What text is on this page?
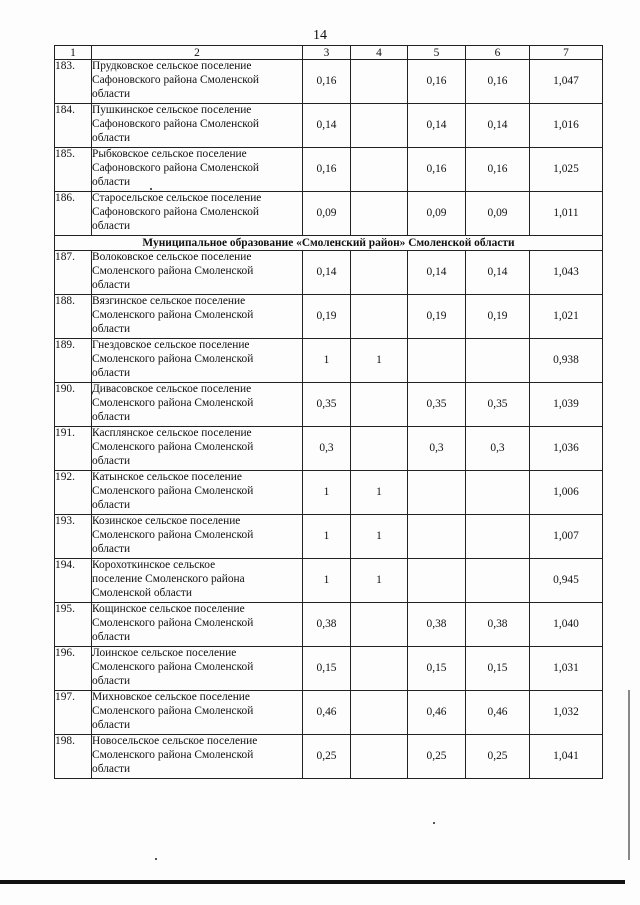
14
1	2	3	4	5	6	7
183.	Прудковское сельское поселение
Сафоновского района Смоленской
области	0,16		0,16	0,16	1,047
184.	Пушкинское сельское поселение
Сафоновского района Смоленской
области	0,14		0,14	0,14	1,016
185.	Рыбковское сельское поселение
Сафоновского района Смоленской
области	0,16		0,16	0,16	1,025
186.	Старосельское сельское поселение
Сафоновского района Смоленской
области	0,09		0,09	0,09	1,011
Муниципальное образование «Смоленский район» Смоленской области						
187.	Волоковское сельское поселение
Смоленского района Смоленской
области	0,14		0,14	0,14	1,043
188.	Вязгинское сельское поселение
Смоленского района Смоленской
области	0,19		0,19	0,19	1,021
189.	Гнездовское сельское поселение
Смоленского района Смоленской
области	1	1			0,938
190.	Дивасовское сельское поселение
Смоленского района Смоленской
области	0,35		0,35	0,35	1,039
191.	Касплянское сельское поселение
Смоленского района Смоленской
области	0,3		0,3	0,3	1,036
192.	Катынское сельское поселение
Смоленского района Смоленской
области	1	1			1,006
193.	Козинское сельское поселение
Смоленского района Смоленской
области	1	1			1,007
194.	Корохоткинское сельское
поселение Смоленского района
Смоленской области	1	1			0,945
195.	Кощинское сельское поселение
Смоленского района Смоленской
области	0,38		0,38	0,38	1,040
196.	Лоинское сельское поселение
Смоленского района Смоленской
области	0,15		0,15	0,15	1,031
197.	Михновское сельское поселение
Смоленского района Смоленской
области	0,46		0,46	0,46	1,032
198.	Новосельское сельское поселение
Смоленского района Смоленской
области	0,25		0,25	0,25	1,041
